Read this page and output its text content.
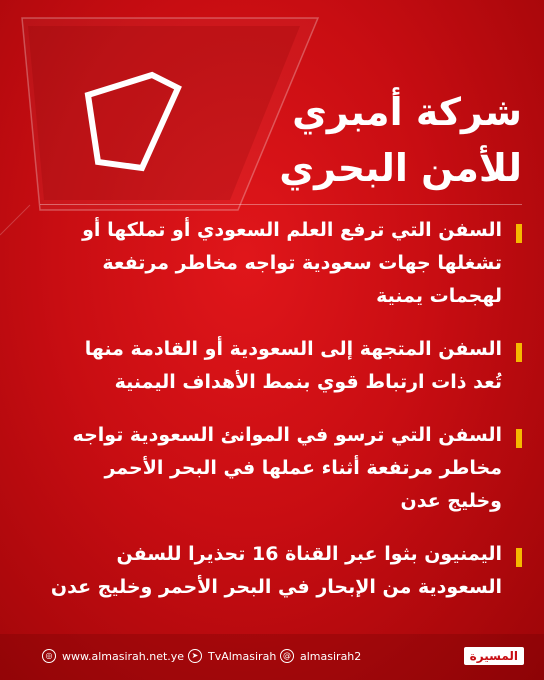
شركة أمبري
للأمن البحري
السفن التي ترفع العلم السعودي أو تملكها أو
تشغلها جهات سعودية تواجه مخاطر مرتفعة
لهجمات يمنية
السفن المتجهة إلى السعودية أو القادمة منها
تُعد ذات ارتباط قوي بنمط الأهداف اليمنية
السفن التي ترسو في الموانئ السعودية تواجه
مخاطر مرتفعة أثناء عملها في البحر الأحمر
وخليج عدن
اليمنيون بثوا عبر القناة 16 تحذيرا للسفن
السعودية من الإبحار في البحر الأحمر وخليج عدن
◎ www.almasirah.net.ye ➤ TvAlmasirah @ almasirah2	المسيرة
